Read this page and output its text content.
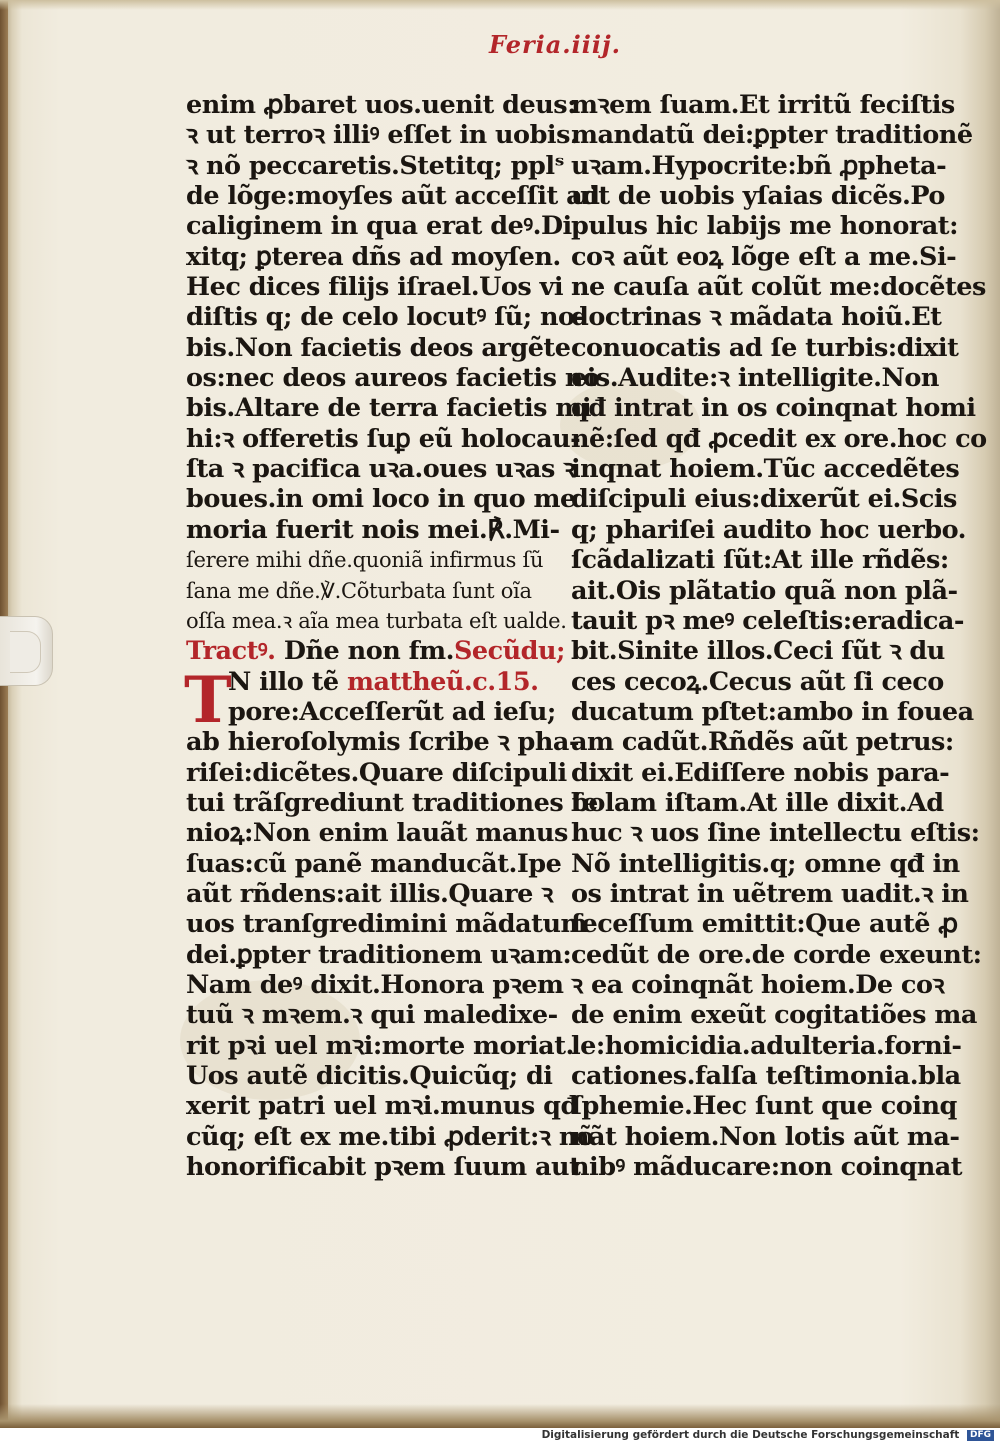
Feria.iiij.
enim ꝓbaret uos.uenit deus:
ꝛ ut terroꝛ illiꝰ eſſet in uobis.
ꝛ nõ peccaretis.Stetitq; pplˢ
de lõge:moyſes aũt acceſſit ad
caliginem in qua erat deꝰ.Di
xitq; ꝑterea dñs ad moyſen.
Hec dices filijs iſrael.Uos vi
diſtis q; de celo locutꝰ ſũ; no-
bis.Non facietis deos argẽte
os:nec deos aureos facietis no
bis.Altare de terra facietis mi
hi:ꝛ offeretis ſuꝑ eũ holocau-
ſta ꝛ pacifica uꝛa.oues uꝛas ꝛ
boues.in omi loco in quo me
moria fuerit nois mei.℟.Mi-
ſerere mihi dñe.quoniã infirmus ſũ
ſana me dñe.℣.Cõturbata ſunt oĩa
oſſa mea.ꝛ aĩa mea turbata eſt ualde.
Tractꝰ. Dñe non fm.Secũdu;
T
N illo tẽ mattheũ.c.15.
pore:Acceſſerũt ad ieſu;
ab hieroſolymis ſcribe ꝛ pha-
riſei:dicẽtes.Quare diſcipuli
tui trãſgrediunt traditiones ſe
nioꝝ:Non enim lauãt manus
ſuas:cũ panẽ manducãt.Ipe
aũt rñdens:ait illis.Quare ꝛ
uos tranſgredimini mãdatum
dei.ꝑpter traditionem uꝛam:
Nam deꝰ dixit.Honora pꝛem
tuũ ꝛ mꝛem.ꝛ qui maledixe-
rit pꝛi uel mꝛi:morte moriat.
Uos autẽ dicitis.Quicũq; di
xerit patri uel mꝛi.munus qđ
cũq; eſt ex me.tibi ꝓderit:ꝛ nõ
honorificabit pꝛem ſuum aut
mꝛem ſuam.Et irritũ feciſtis
mandatũ dei:ꝑpter traditionẽ
uꝛam.Hypocrite:bñ ꝓpheta-
uit de uobis yſaias dicẽs.Po
pulus hic labijs me honorat:
coꝛ aũt eoꝝ lõge eſt a me.Si-
ne cauſa aũt colũt me:docẽtes
doctrinas ꝛ mãdata hoiũ.Et
conuocatis ad ſe turbis:dixit
eis.Audite:ꝛ intelligite.Non
qđ intrat in os coinqnat homi
nẽ:ſed qđ ꝓcedit ex ore.hoc co
inqnat hoiem.Tũc accedẽtes
diſcipuli eius:dixerũt ei.Scis
q; phariſei audito hoc uerbo.
ſcãdalizati ſũt:At ille rñdẽs:
ait.Ois plãtatio quã non plã-
tauit pꝛ meꝰ celeſtis:eradica-
bit.Sinite illos.Ceci ſũt ꝛ du
ces cecoꝝ.Cecus aũt ſi ceco
ducatum pſtet:ambo in fouea
am cadũt.Rñdẽs aũt petrus:
dixit ei.Ediſſere nobis para-
bolam iſtam.At ille dixit.Ad
huc ꝛ uos ſine intellectu eſtis:
Nõ intelligitis.q; omne qđ in
os intrat in uẽtrem uadit.ꝛ in
ſeceſſum emittit:Que autẽ ꝓ
cedũt de ore.de corde exeunt:
ꝛ ea coinqnãt hoiem.De coꝛ
de enim exeũt cogitatiões ma
le:homicidia.adulteria.forni-
cationes.falſa teſtimonia.bla
ſphemie.Hec ſunt que coinq
nãt hoiem.Non lotis aũt ma-
nibꝰ mãducare:non coinqnat
Digitalisierung gefördert durch die Deutsche Forschungsgemeinschaft DFG
